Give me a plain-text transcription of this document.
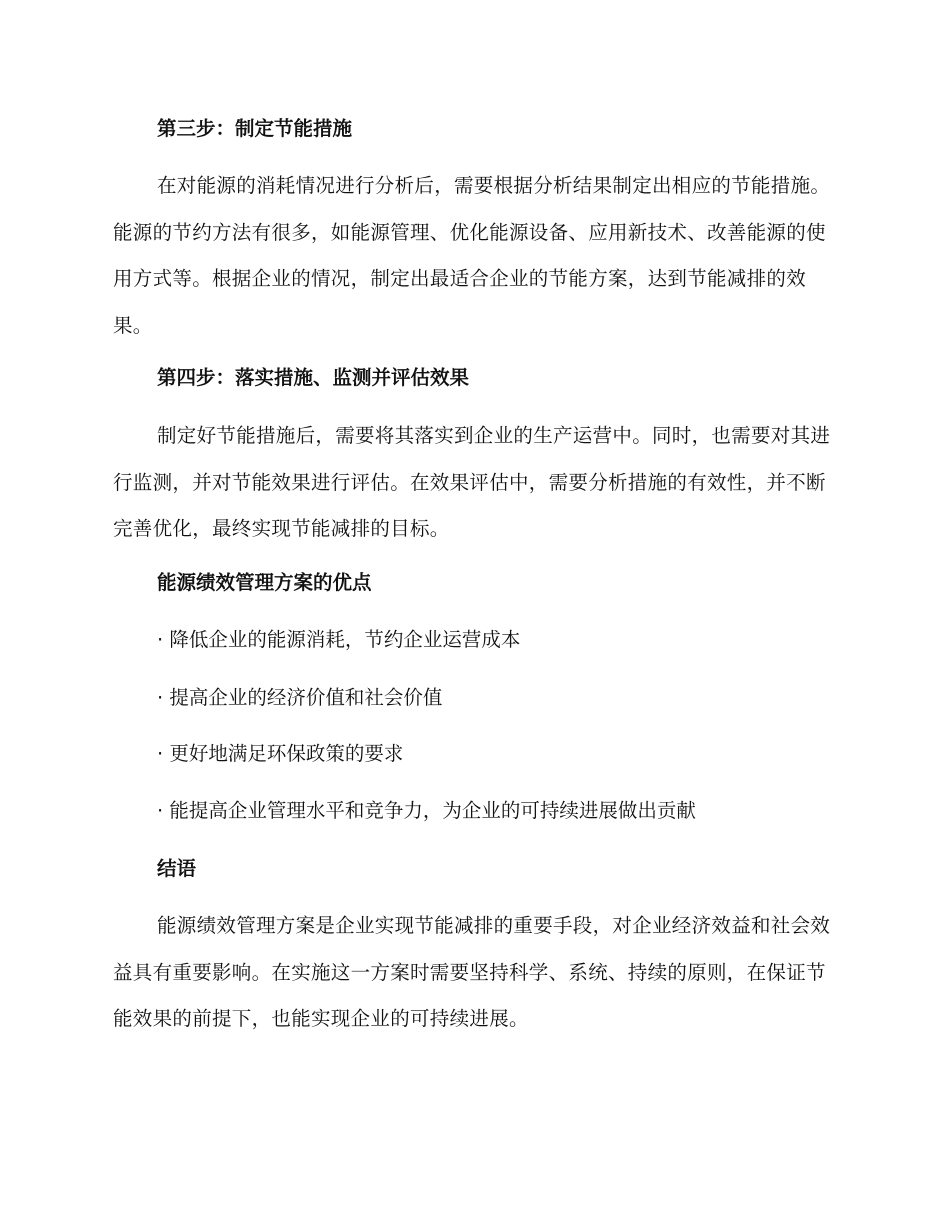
第三步：制定节能措施

在对能源的消耗情况进行分析后，需要根据分析结果制定出相应的节能措施。能源的节约方法有很多，如能源管理、优化能源设备、应用新技术、改善能源的使用方式等。根据企业的情况，制定出最适合企业的节能方案，达到节能减排的效果。

第四步：落实措施、监测并评估效果

制定好节能措施后，需要将其落实到企业的生产运营中。同时，也需要对其进行监测，并对节能效果进行评估。在效果评估中，需要分析措施的有效性，并不断完善优化，最终实现节能减排的目标。

能源绩效管理方案的优点

· 降低企业的能源消耗，节约企业运营成本

· 提高企业的经济价值和社会价值

· 更好地满足环保政策的要求

· 能提高企业管理水平和竞争力，为企业的可持续进展做出贡献

结语

能源绩效管理方案是企业实现节能减排的重要手段，对企业经济效益和社会效益具有重要影响。在实施这一方案时需要坚持科学、系统、持续的原则，在保证节能效果的前提下，也能实现企业的可持续进展。
